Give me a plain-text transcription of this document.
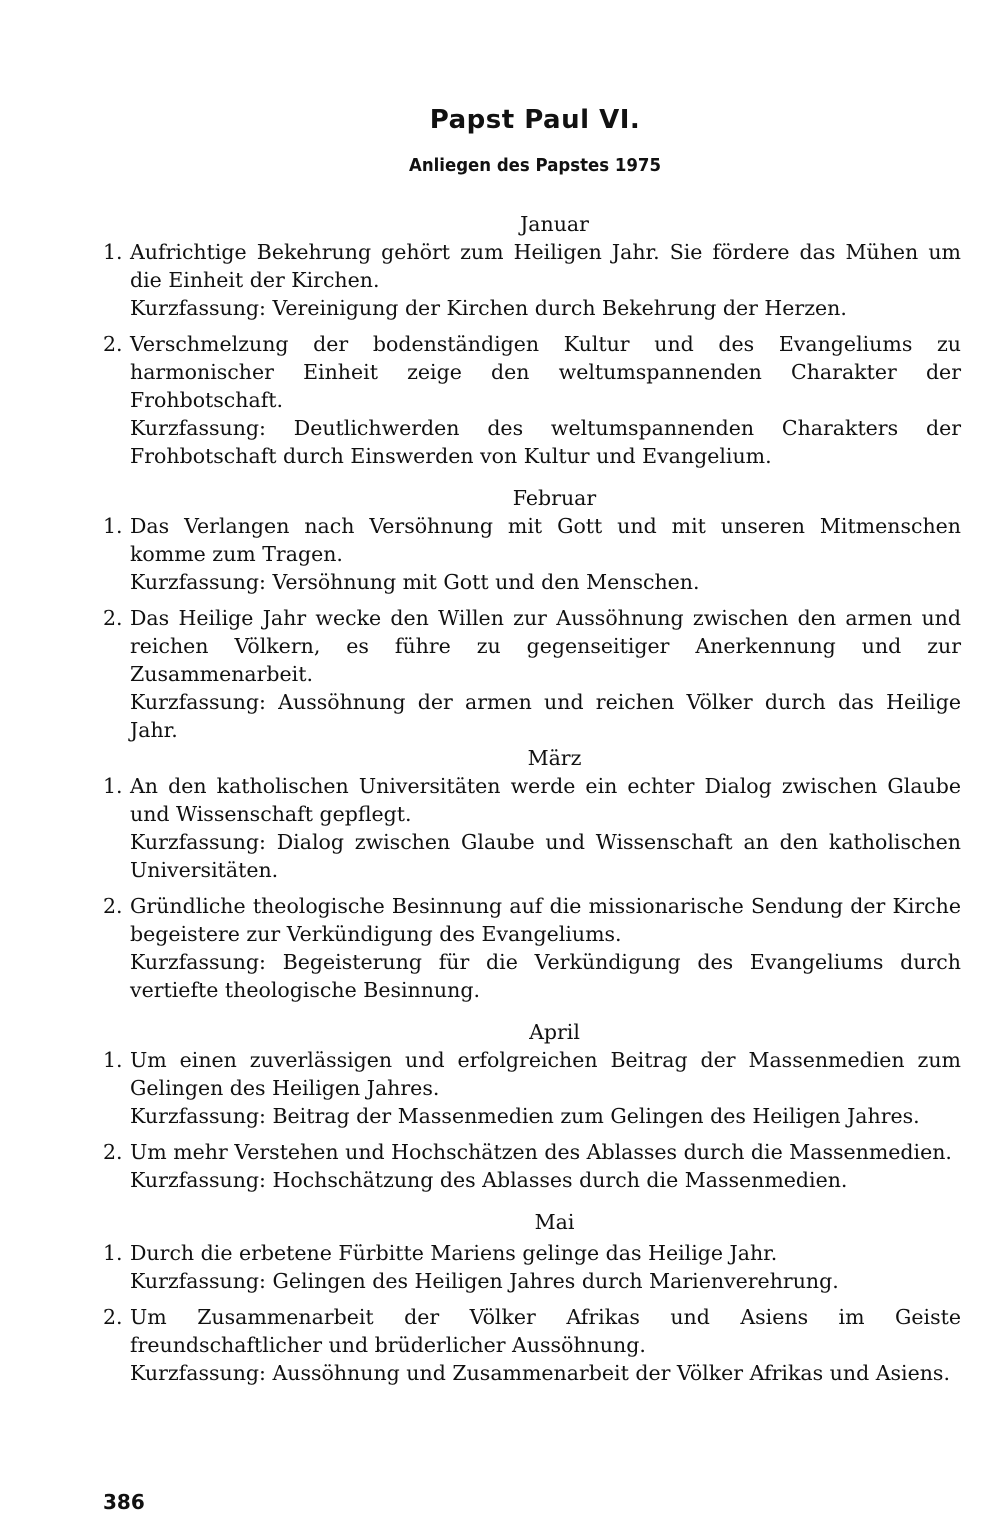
Papst Paul VI.
Anliegen des Papstes 1975
Januar
1. Aufrichtige Bekehrung gehört zum Heiligen Jahr. Sie fördere das Mühen um die Einheit der Kirchen.
Kurzfassung: Vereinigung der Kirchen durch Bekehrung der Herzen.
2. Verschmelzung der bodenständigen Kultur und des Evangeliums zu harmonischer Einheit zeige den weltumspannenden Charakter der Frohbotschaft.
Kurzfassung: Deutlichwerden des weltumspannenden Charakters der Frohbotschaft durch Einswerden von Kultur und Evangelium.
Februar
1. Das Verlangen nach Versöhnung mit Gott und mit unseren Mitmenschen komme zum Tragen.
Kurzfassung: Versöhnung mit Gott und den Menschen.
2. Das Heilige Jahr wecke den Willen zur Aussöhnung zwischen den armen und reichen Völkern, es führe zu gegenseitiger Anerkennung und zur Zusammenarbeit.
Kurzfassung: Aussöhnung der armen und reichen Völker durch das Heilige Jahr.
März
1. An den katholischen Universitäten werde ein echter Dialog zwischen Glaube und Wissenschaft gepflegt.
Kurzfassung: Dialog zwischen Glaube und Wissenschaft an den katholischen Universitäten.
2. Gründliche theologische Besinnung auf die missionarische Sendung der Kirche begeistere zur Verkündigung des Evangeliums.
Kurzfassung: Begeisterung für die Verkündigung des Evangeliums durch vertiefte theologische Besinnung.
April
1. Um einen zuverlässigen und erfolgreichen Beitrag der Massenmedien zum Gelingen des Heiligen Jahres.
Kurzfassung: Beitrag der Massenmedien zum Gelingen des Heiligen Jahres.
2. Um mehr Verstehen und Hochschätzen des Ablasses durch die Massenmedien.
Kurzfassung: Hochschätzung des Ablasses durch die Massenmedien.
Mai
1. Durch die erbetene Fürbitte Mariens gelinge das Heilige Jahr.
Kurzfassung: Gelingen des Heiligen Jahres durch Marienverehrung.
2. Um Zusammenarbeit der Völker Afrikas und Asiens im Geiste freundschaftlicher und brüderlicher Aussöhnung.
Kurzfassung: Aussöhnung und Zusammenarbeit der Völker Afrikas und Asiens.
386
